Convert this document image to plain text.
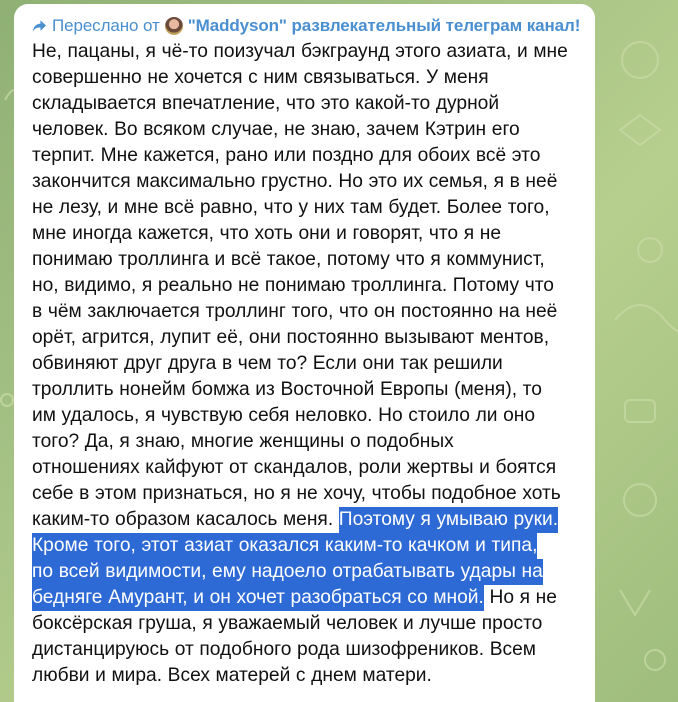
Переслано от "Maddyson" развлекательный телеграм канал!
Не, пацаны, я чё-то поизучал бэкграунд этого азиата, и мне
совершенно не хочется с ним связываться. У меня
складывается впечатление, что это какой-то дурной
человек. Во всяком случае, не знаю, зачем Кэтрин его
терпит. Мне кажется, рано или поздно для обоих всё это
закончится максимально грустно. Но это их семья, я в неё
не лезу, и мне всё равно, что у них там будет. Более того,
мне иногда кажется, что хоть они и говорят, что я не
понимаю троллинга и всё такое, потому что я коммунист,
но, видимо, я реально не понимаю троллинга. Потому что
в чём заключается троллинг того, что он постоянно на неё
орёт, агрится, лупит её, они постоянно вызывают ментов,
обвиняют друг друга в чем то? Если они так решили
троллить нонейм бомжа из Восточной Европы (меня), то
им удалось, я чувствую себя неловко. Но стоило ли оно
того? Да, я знаю, многие женщины о подобных
отношениях кайфуют от скандалов, роли жертвы и боятся
себе в этом признаться, но я не хочу, чтобы подобное хоть
каким-то образом касалось меня. Поэтому я умываю руки.
Кроме того, этот азиат оказался каким-то качком и типа,
по всей видимости, ему надоело отрабатывать удары на
бедняге Амурант, и он хочет разобраться со мной. Но я не
боксёрская груша, я уважаемый человек и лучше просто
дистанцируюсь от подобного рода шизофреников. Всем
любви и мира. Всех матерей с днем матери.
